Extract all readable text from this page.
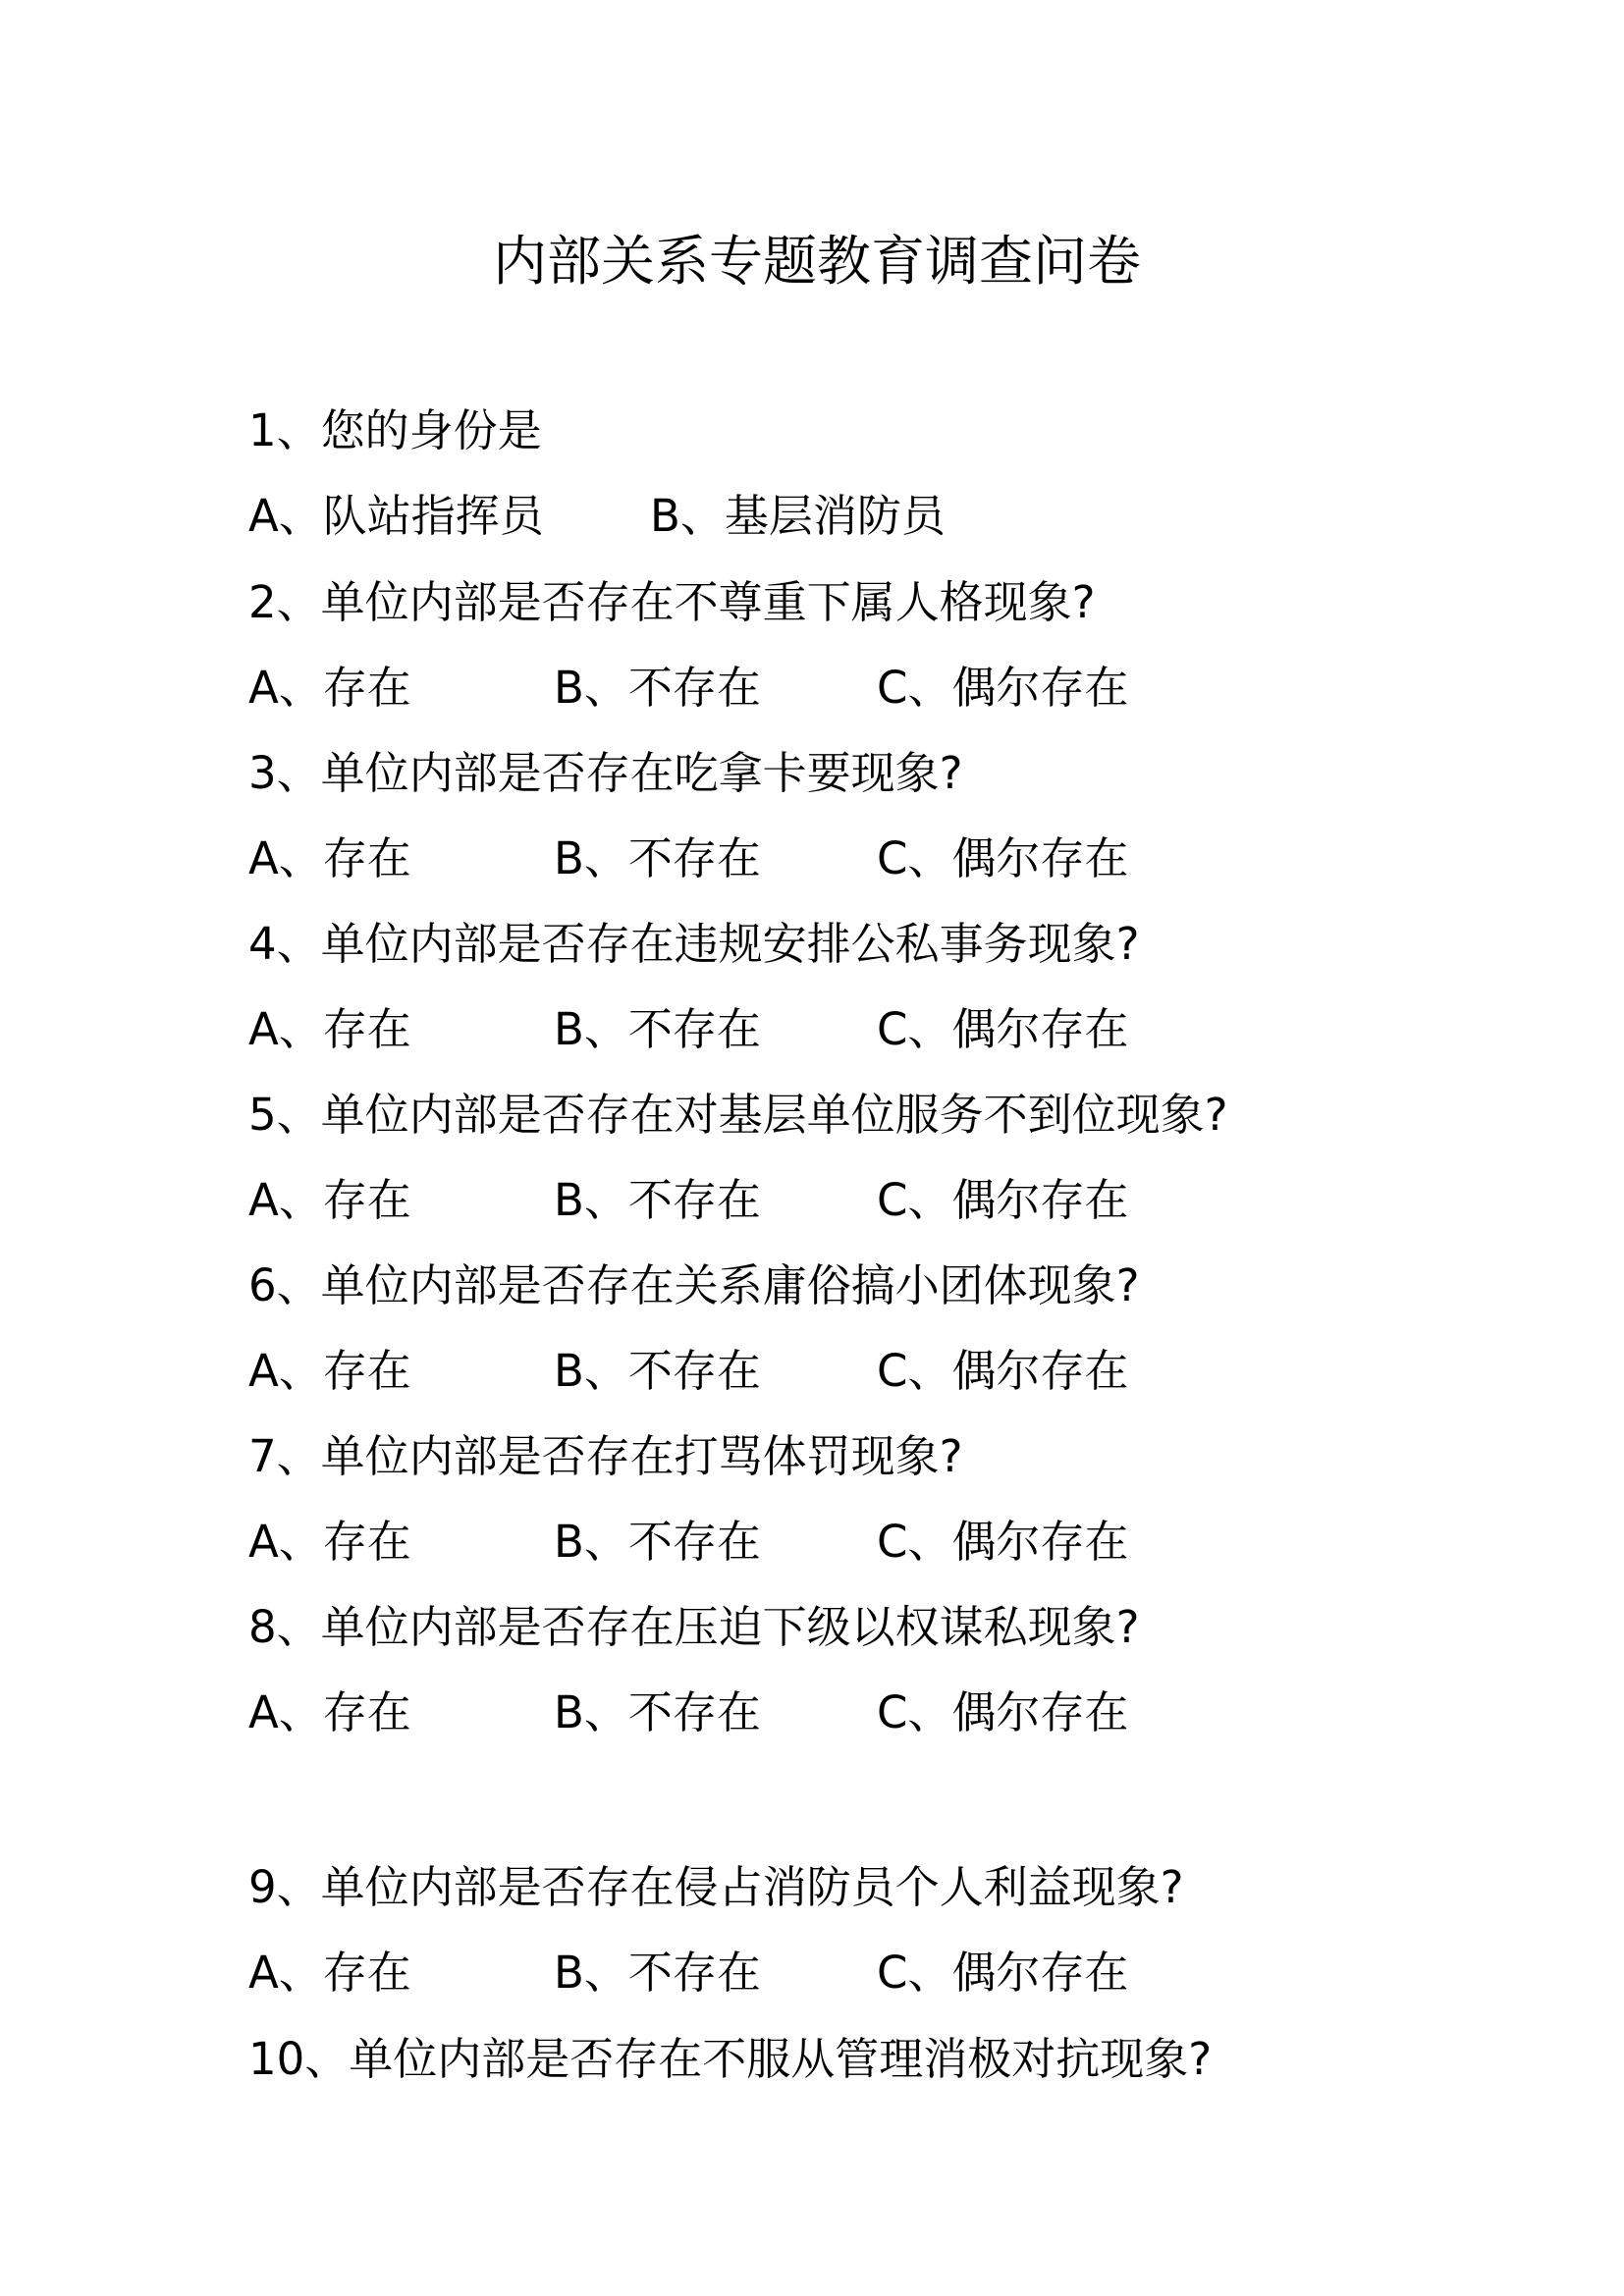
内部关系专题教育调查问卷
1、您的身份是
A、队站指挥员 B、基层消防员
2、单位内部是否存在不尊重下属人格现象?
A、存在	B、不存在	C、偶尔存在
3、单位内部是否存在吃拿卡要现象?
A、存在	B、不存在	C、偶尔存在
4、单位内部是否存在违规安排公私事务现象?
A、存在	B、不存在	C、偶尔存在
5、单位内部是否存在对基层单位服务不到位现象?
A、存在	B、不存在	C、偶尔存在
6、单位内部是否存在关系庸俗搞小团体现象?
A、存在	B、不存在	C、偶尔存在
7、单位内部是否存在打骂体罚现象?
A、存在	B、不存在	C、偶尔存在
8、单位内部是否存在压迫下级以权谋私现象?
A、存在	B、不存在	C、偶尔存在
9、单位内部是否存在侵占消防员个人利益现象?
A、存在	B、不存在	C、偶尔存在
10、单位内部是否存在不服从管理消极对抗现象?
